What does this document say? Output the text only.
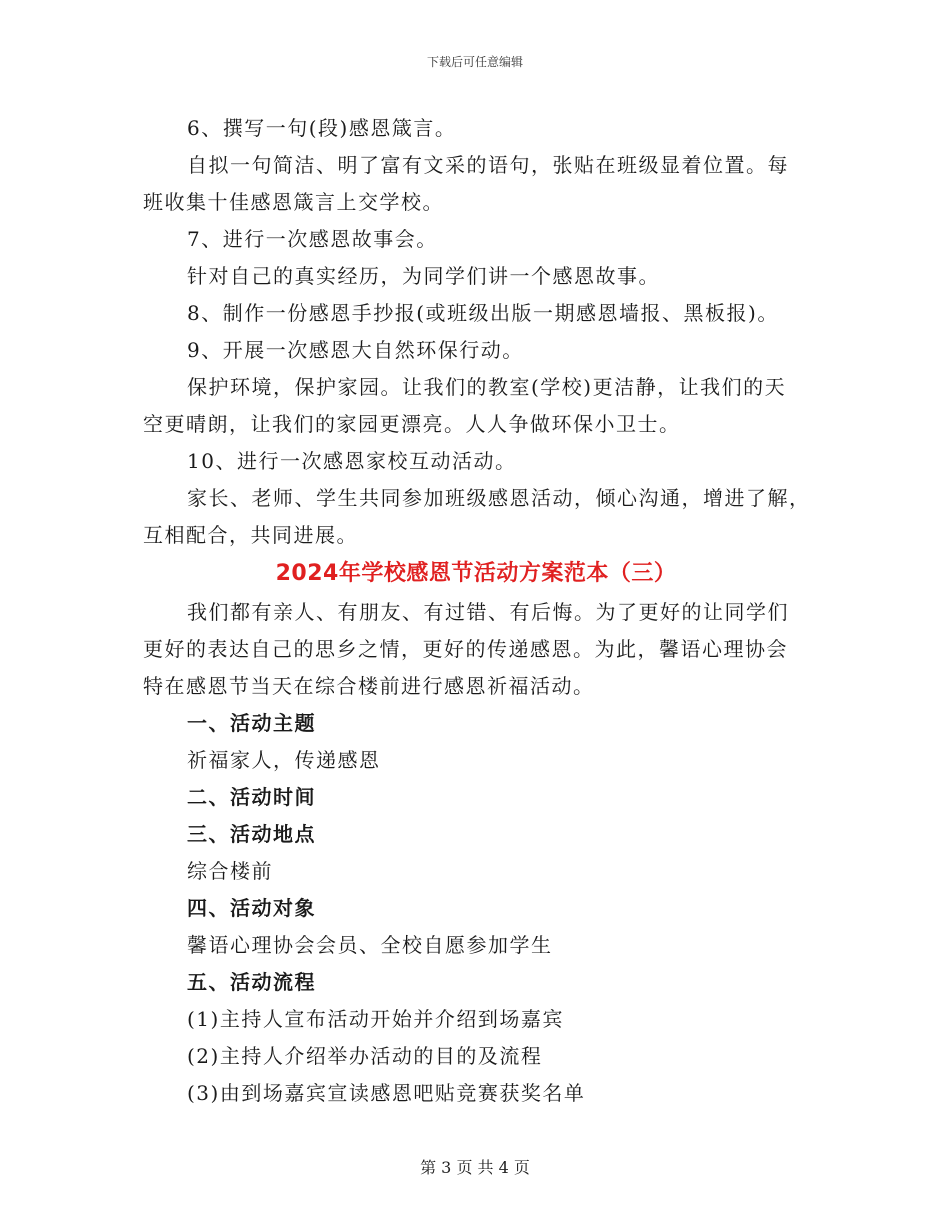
下载后可任意编辑
6、撰写一句(段)感恩箴言。
自拟一句简洁、明了富有文采的语句，张贴在班级显着位置。每
班收集十佳感恩箴言上交学校。
7、进行一次感恩故事会。
针对自己的真实经历，为同学们讲一个感恩故事。
8、制作一份感恩手抄报(或班级出版一期感恩墙报、黑板报)。
9、开展一次感恩大自然环保行动。
保护环境，保护家园。让我们的教室(学校)更洁静，让我们的天
空更晴朗，让我们的家园更漂亮。人人争做环保小卫士。
10、进行一次感恩家校互动活动。
家长、老师、学生共同参加班级感恩活动，倾心沟通，增进了解，
互相配合，共同进展。
2024年学校感恩节活动方案范本（三）
我们都有亲人、有朋友、有过错、有后悔。为了更好的让同学们
更好的表达自己的思乡之情，更好的传递感恩。为此，馨语心理协会
特在感恩节当天在综合楼前进行感恩祈福活动。
一、活动主题
祈福家人，传递感恩
二、活动时间
三、活动地点
综合楼前
四、活动对象
馨语心理协会会员、全校自愿参加学生
五、活动流程
(1)主持人宣布活动开始并介绍到场嘉宾
(2)主持人介绍举办活动的目的及流程
(3)由到场嘉宾宣读感恩吧贴竞赛获奖名单
第 3 页 共 4 页
